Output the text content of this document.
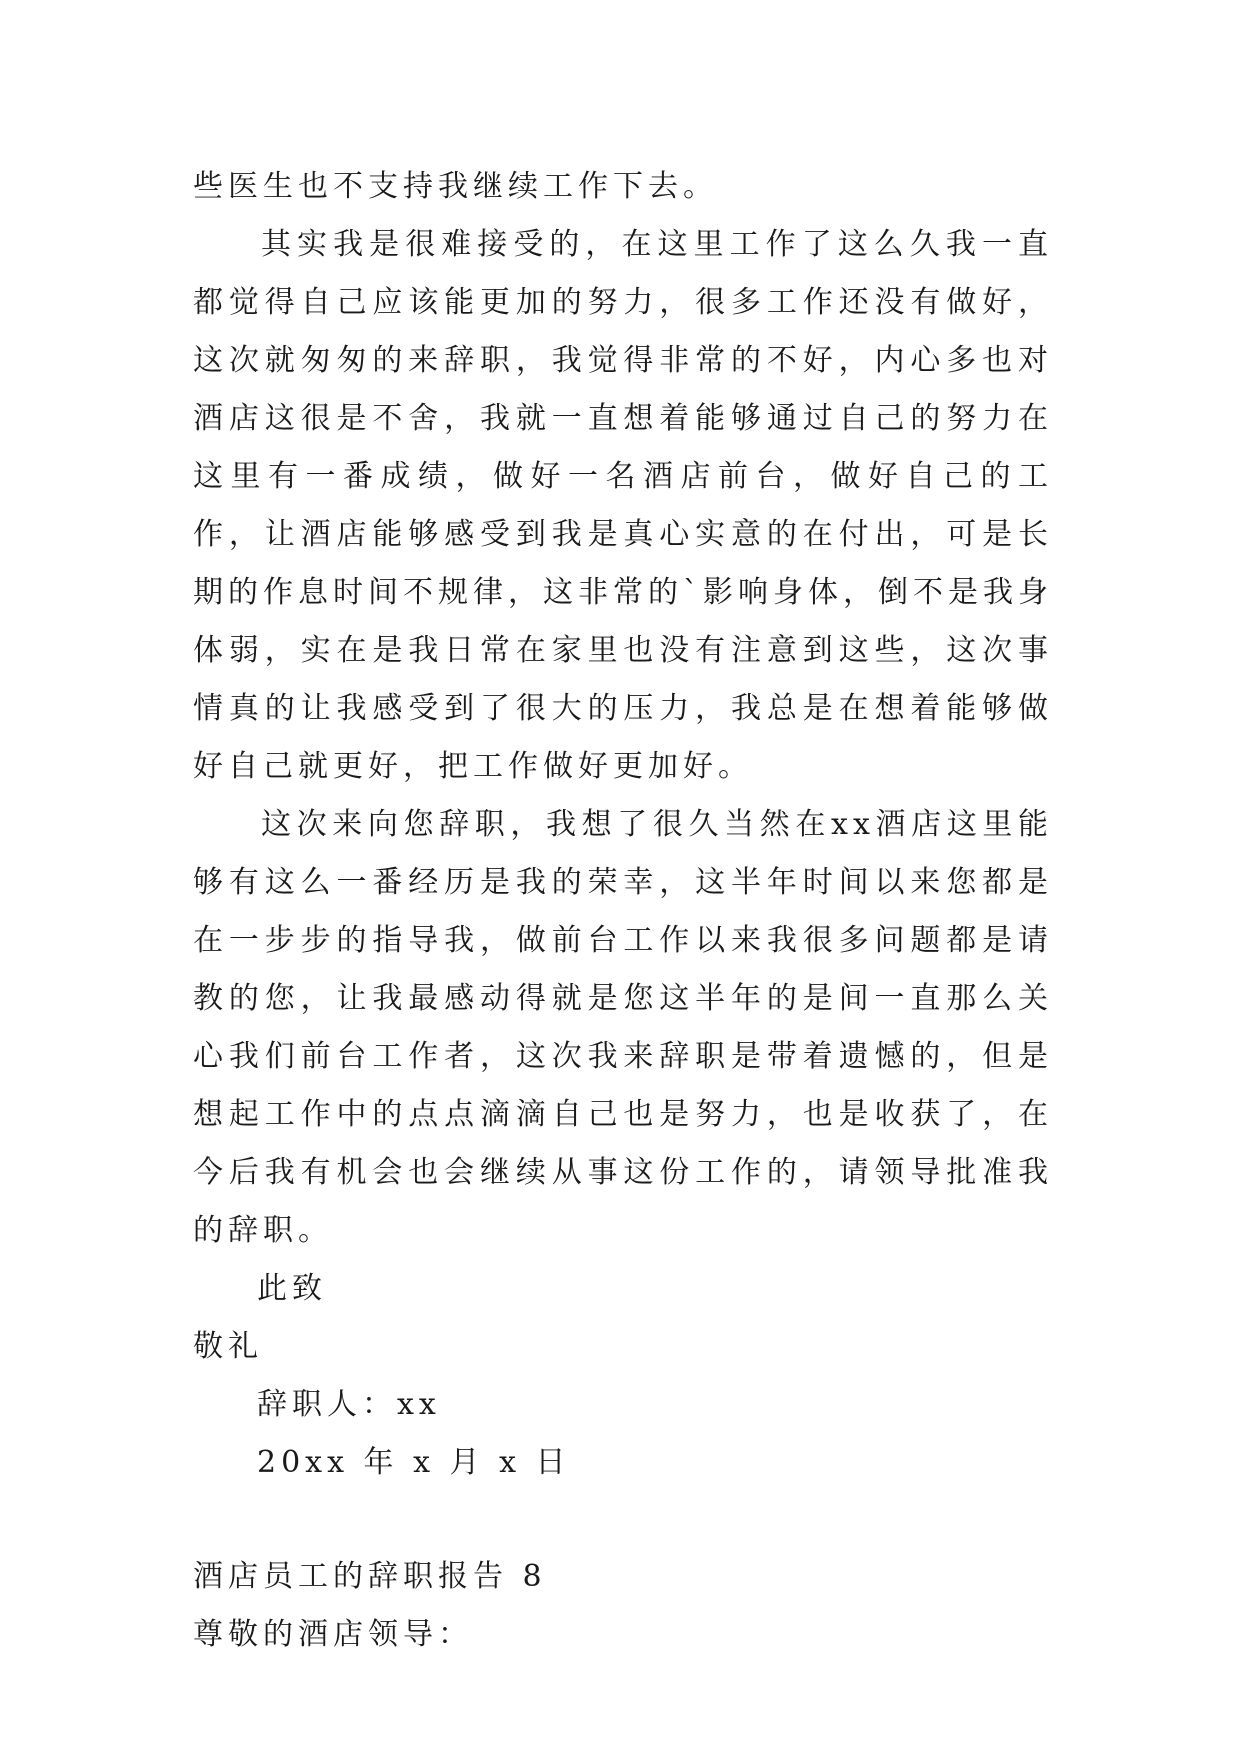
些医生也不支持我继续工作下去。
其实我是很难接受的，在这里工作了这么久我一直都觉得自己应该能更加的努力，很多工作还没有做好，这次就匆匆的来辞职，我觉得非常的不好，内心多也对酒店这很是不舍，我就一直想着能够通过自己的努力在这里有一番成绩，做好一名酒店前台，做好自己的工作，让酒店能够感受到我是真心实意的在付出，可是长期的作息时间不规律，这非常的`影响身体，倒不是我身体弱，实在是我日常在家里也没有注意到这些，这次事情真的让我感受到了很大的压力，我总是在想着能够做好自己就更好，把工作做好更加好。
这次来向您辞职，我想了很久当然在xx酒店这里能够有这么一番经历是我的荣幸，这半年时间以来您都是在一步步的指导我，做前台工作以来我很多问题都是请教的您，让我最感动得就是您这半年的是间一直那么关心我们前台工作者，这次我来辞职是带着遗憾的，但是想起工作中的点点滴滴自己也是努力，也是收获了，在今后我有机会也会继续从事这份工作的，请领导批准我的辞职。
此致
敬礼
辞职人：xx
20xx 年 x 月 x 日
酒店员工的辞职报告 8
尊敬的酒店领导：
